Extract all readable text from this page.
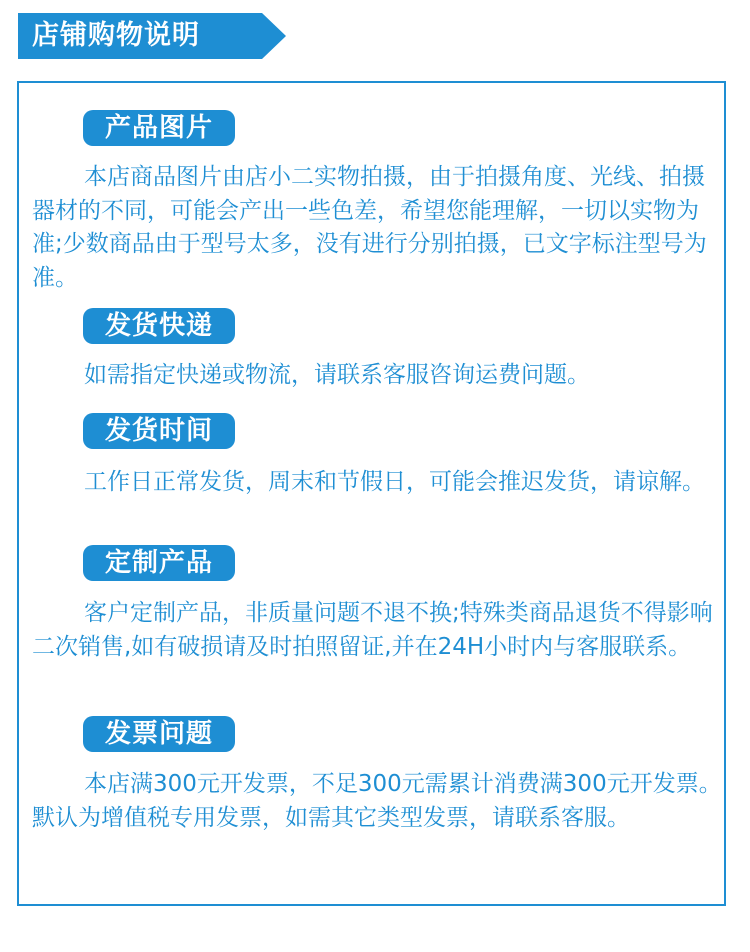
店铺购物说明
产品图片
本店商品图片由店小二实物拍摄，由于拍摄角度、光线、拍摄器材的不同，可能会产出一些色差，希望您能理解，一切以实物为准;少数商品由于型号太多，没有进行分别拍摄，已文字标注型号为准。
发货快递
如需指定快递或物流，请联系客服咨询运费问题。
发货时间
工作日正常发货，周末和节假日，可能会推迟发货，请谅解。
定制产品
客户定制产品，非质量问题不退不换;特殊类商品退货不得影响二次销售,如有破损请及时拍照留证,并在24H小时内与客服联系。
发票问题
本店满300元开发票，不足300元需累计消费满300元开发票。默认为增值税专用发票，如需其它类型发票，请联系客服。
